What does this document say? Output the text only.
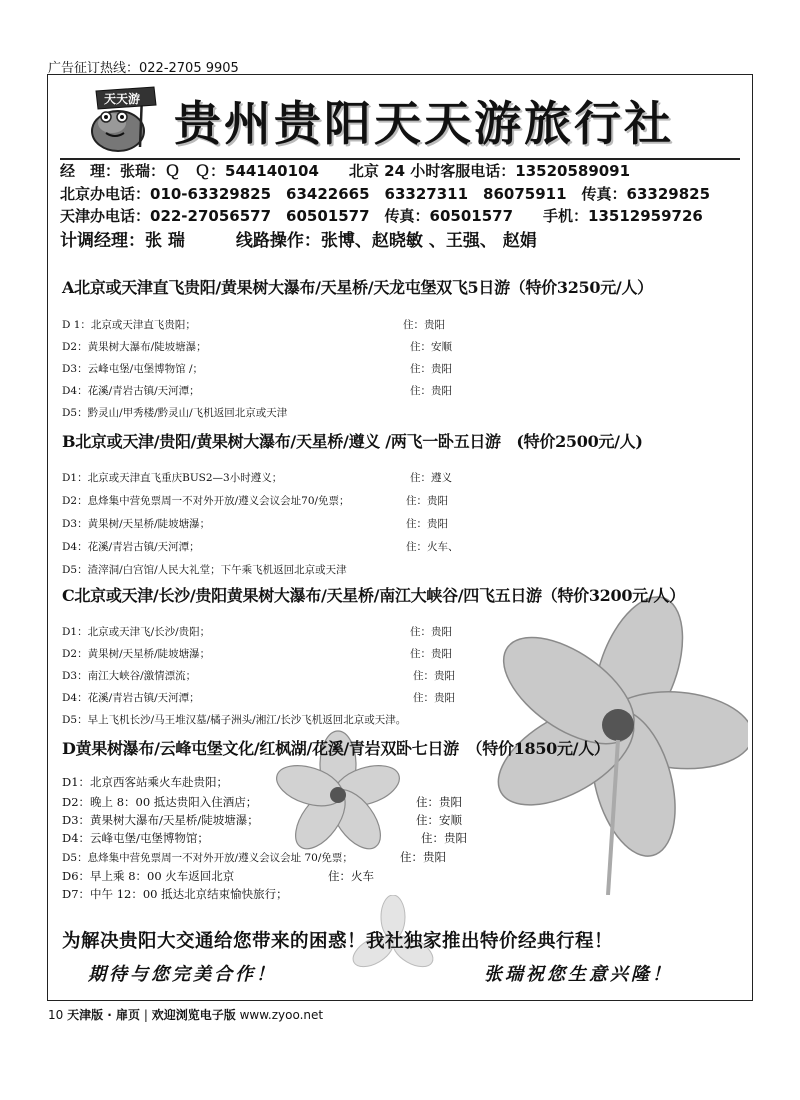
广告征订热线：022-2705 9905
天天游 贵州贵阳天天游旅行社
经　理：张瑞：Ｑ　Ｑ：544140104　　北京 24 小时客服电话：13520589091
北京办电话：010-63329825　63422665　63327311　86075911　传真：63329825
天津办电话：022-27056577　60501577　传真：60501577　　手机：13512959726
计调经理：张 瑞　　　线路操作：张博、赵晓敏 、王强、 赵娟
A北京或天津直飞贵阳/黄果树大瀑布/天星桥/天龙屯堡双飞5日游（特价3250元/人）
D 1：北京或天津直飞贵阳；	住：贵阳
D2：黄果树大瀑布/陡坡塘瀑；	住：安顺
D3：云峰屯堡/屯堡博物馆 /；	住：贵阳
D4：花溪/青岩古镇/天河潭；	住：贵阳
D5：黔灵山/甲秀楼/黔灵山/飞机返回北京或天津
B北京或天津/贵阳/黄果树大瀑布/天星桥/遵义 /两飞一卧五日游　(特价2500元/人)
D1：北京或天津直飞重庆BUS2—3小时遵义；	住：遵义
D2：息烽集中营免票周一不对外开放/遵义会议会址70/免票；	住：贵阳
D3：黄果树/天星桥/陡坡塘瀑；	住：贵阳
D4：花溪/青岩古镇/天河潭；	住：火车、
D5：渣滓洞/白宫馆/人民大礼堂；下午乘飞机返回北京或天津
C北京或天津/长沙/贵阳黄果树大瀑布/天星桥/南江大峡谷/四飞五日游（特价3200元/人）
D1：北京或天津飞/长沙/贵阳；	住：贵阳
D2：黄果树/天星桥/陡坡塘瀑；	住：贵阳
D3：南江大峡谷/激情漂流；	住：贵阳
D4：花溪/青岩古镇/天河潭；	住：贵阳
D5：早上飞机长沙/马王堆汉墓/橘子洲头/湘江/长沙飞机返回北京或天津。
D黄果树瀑布/云峰屯堡文化/红枫湖/花溪/青岩双卧七日游　（特价1850元/人）
D1：北京西客站乘火车赴贵阳；
D2：晚上 8：00 抵达贵阳入住酒店；	住：贵阳
D3：黄果树大瀑布/天星桥/陡坡塘瀑；	住：安顺
D4：云峰屯堡/屯堡博物馆；	住：贵阳
D5：息烽集中营免票周一不对外开放/遵义会议会址 70/免票；	住：贵阳
D6：早上乘 8：00 火车返回北京	住：火车
D7：中午 12：00 抵达北京结束愉快旅行；
为解决贵阳大交通给您带来的困惑！我社独家推出特价经典行程！
期待与您完美合作！	张瑞祝您生意兴隆！
10 天津版 · 扉页 | 欢迎浏览电子版 www.zyoo.net
